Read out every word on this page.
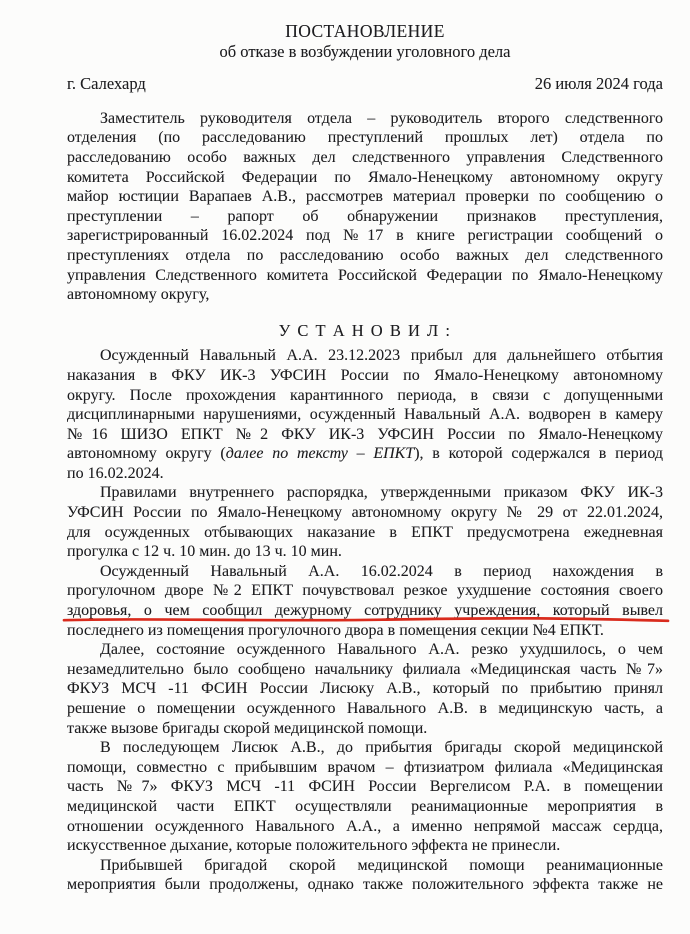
ПОСТАНОВЛЕНИЕ
об отказе в возбуждении уголовного дела
г. Салехард	26 июля 2024 года
Заместитель руководителя отдела – руководитель второго следственного
отделения (по расследованию преступлений прошлых лет) отдела по
расследованию особо важных дел следственного управления Следственного
комитета Российской Федерации по Ямало-Ненецкому автономному округу
майор юстиции Варапаев А.В., рассмотрев материал проверки по сообщению о
преступлении – рапорт об обнаружении признаков преступления,
зарегистрированный 16.02.2024 под №17 в книге регистрации сообщений о
преступлениях отдела по расследованию особо важных дел следственного
управления Следственного комитета Российской Федерации по Ямало-Ненецкому
автономному округу,
У С Т А Н О В И Л :
Осужденный Навальный А.А. 23.12.2023 прибыл для дальнейшего отбытия
наказания в ФКУ ИК-3 УФСИН России по Ямало-Ненецкому автономному
округу. После прохождения карантинного периода, в связи с допущенными
дисциплинарными нарушениями, осужденный Навальный А.А. водворен в камеру
№16 ШИЗО ЕПКТ №2 ФКУ ИК-3 УФСИН России по Ямало-Ненецкому
автономному округу (далее по тексту – ЕПКТ), в которой содержался в период
по 16.02.2024.
Правилами внутреннего распорядка, утвержденными приказом ФКУ ИК-3
УФСИН России по Ямало-Ненецкому автономному округу № 29 от 22.01.2024,
для осужденных отбывающих наказание в ЕПКТ предусмотрена ежедневная
прогулка с 12 ч. 10 мин. до 13 ч. 10 мин.
Осужденный Навальный А.А. 16.02.2024 в период нахождения в
прогулочном дворе №2 ЕПКТ почувствовал резкое ухудшение состояния своего
здоровья, о чем сообщил дежурному сотруднику учреждения, который вывел
последнего из помещения прогулочного двора в помещения секции №4 ЕПКТ.
Далее, состояние осужденного Навального А.А. резко ухудшилось, о чем
незамедлительно было сообщено начальнику филиала «Медицинская часть №7»
ФКУЗ МСЧ -11 ФСИН России Лисюку А.В., который по прибытию принял
решение о помещении осужденного Навального А.В. в медицинскую часть, а
также вызове бригады скорой медицинской помощи.
В последующем Лисюк А.В., до прибытия бригады скорой медицинской
помощи, совместно с прибывшим врачом – фтизиатром филиала «Медицинская
часть №7» ФКУЗ МСЧ -11 ФСИН России Вергелисом Р.А. в помещении
медицинской части ЕПКТ осуществляли реанимационные мероприятия в
отношении осужденного Навального А.А., а именно непрямой массаж сердца,
искусственное дыхание, которые положительного эффекта не принесли.
Прибывшей бригадой скорой медицинской помощи реанимационные
мероприятия были продолжены, однако также положительного эффекта также не
